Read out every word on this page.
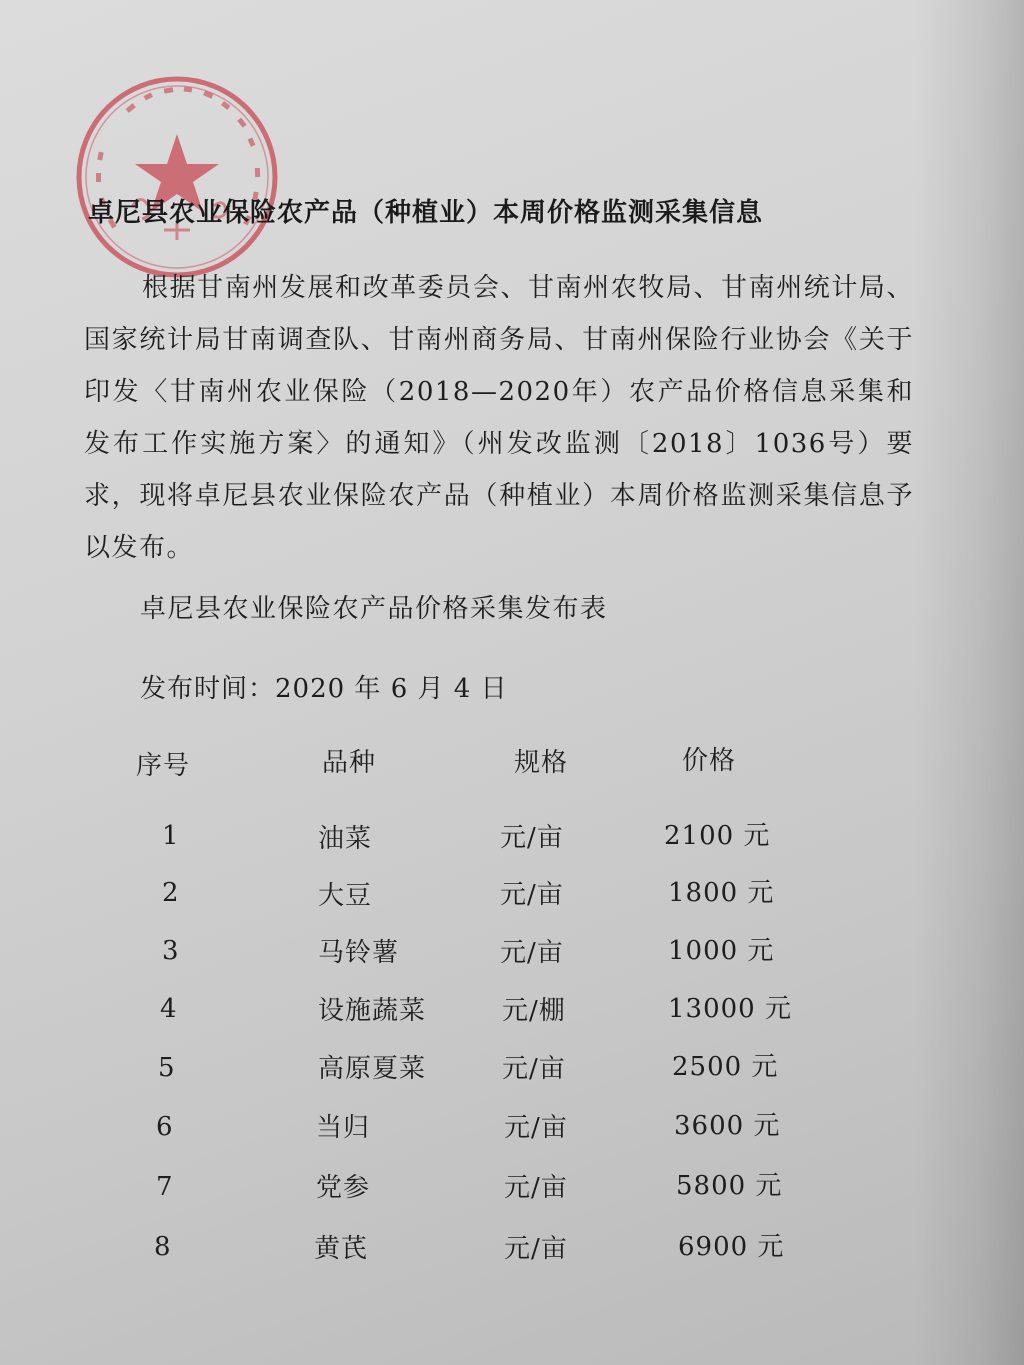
卓尼县农业保险农产品（种植业）本周价格监测采集信息

根据甘南州发展和改革委员会、甘南州农牧局、甘南州统计局、国家统计局甘南调查队、甘南州商务局、甘南州保险行业协会《关于印发〈甘南州农业保险（2018—2020年）农产品价格信息采集和发布工作实施方案〉的通知》（州发改监测〔2018〕1036号）要求，现将卓尼县农业保险农产品（种植业）本周价格监测采集信息予以发布。

卓尼县农业保险农产品价格采集发布表
发布时间：2020 年 6 月 4 日
序号	品种	规格	价格
1	油菜	元/亩	2100 元
2	大豆	元/亩	1800 元
3	马铃薯	元/亩	1000 元
4	设施蔬菜	元/棚	13000 元
5	高原夏菜	元/亩	2500 元
6	当归	元/亩	3600 元
7	党参	元/亩	5800 元
8	黄芪	元/亩	6900 元
